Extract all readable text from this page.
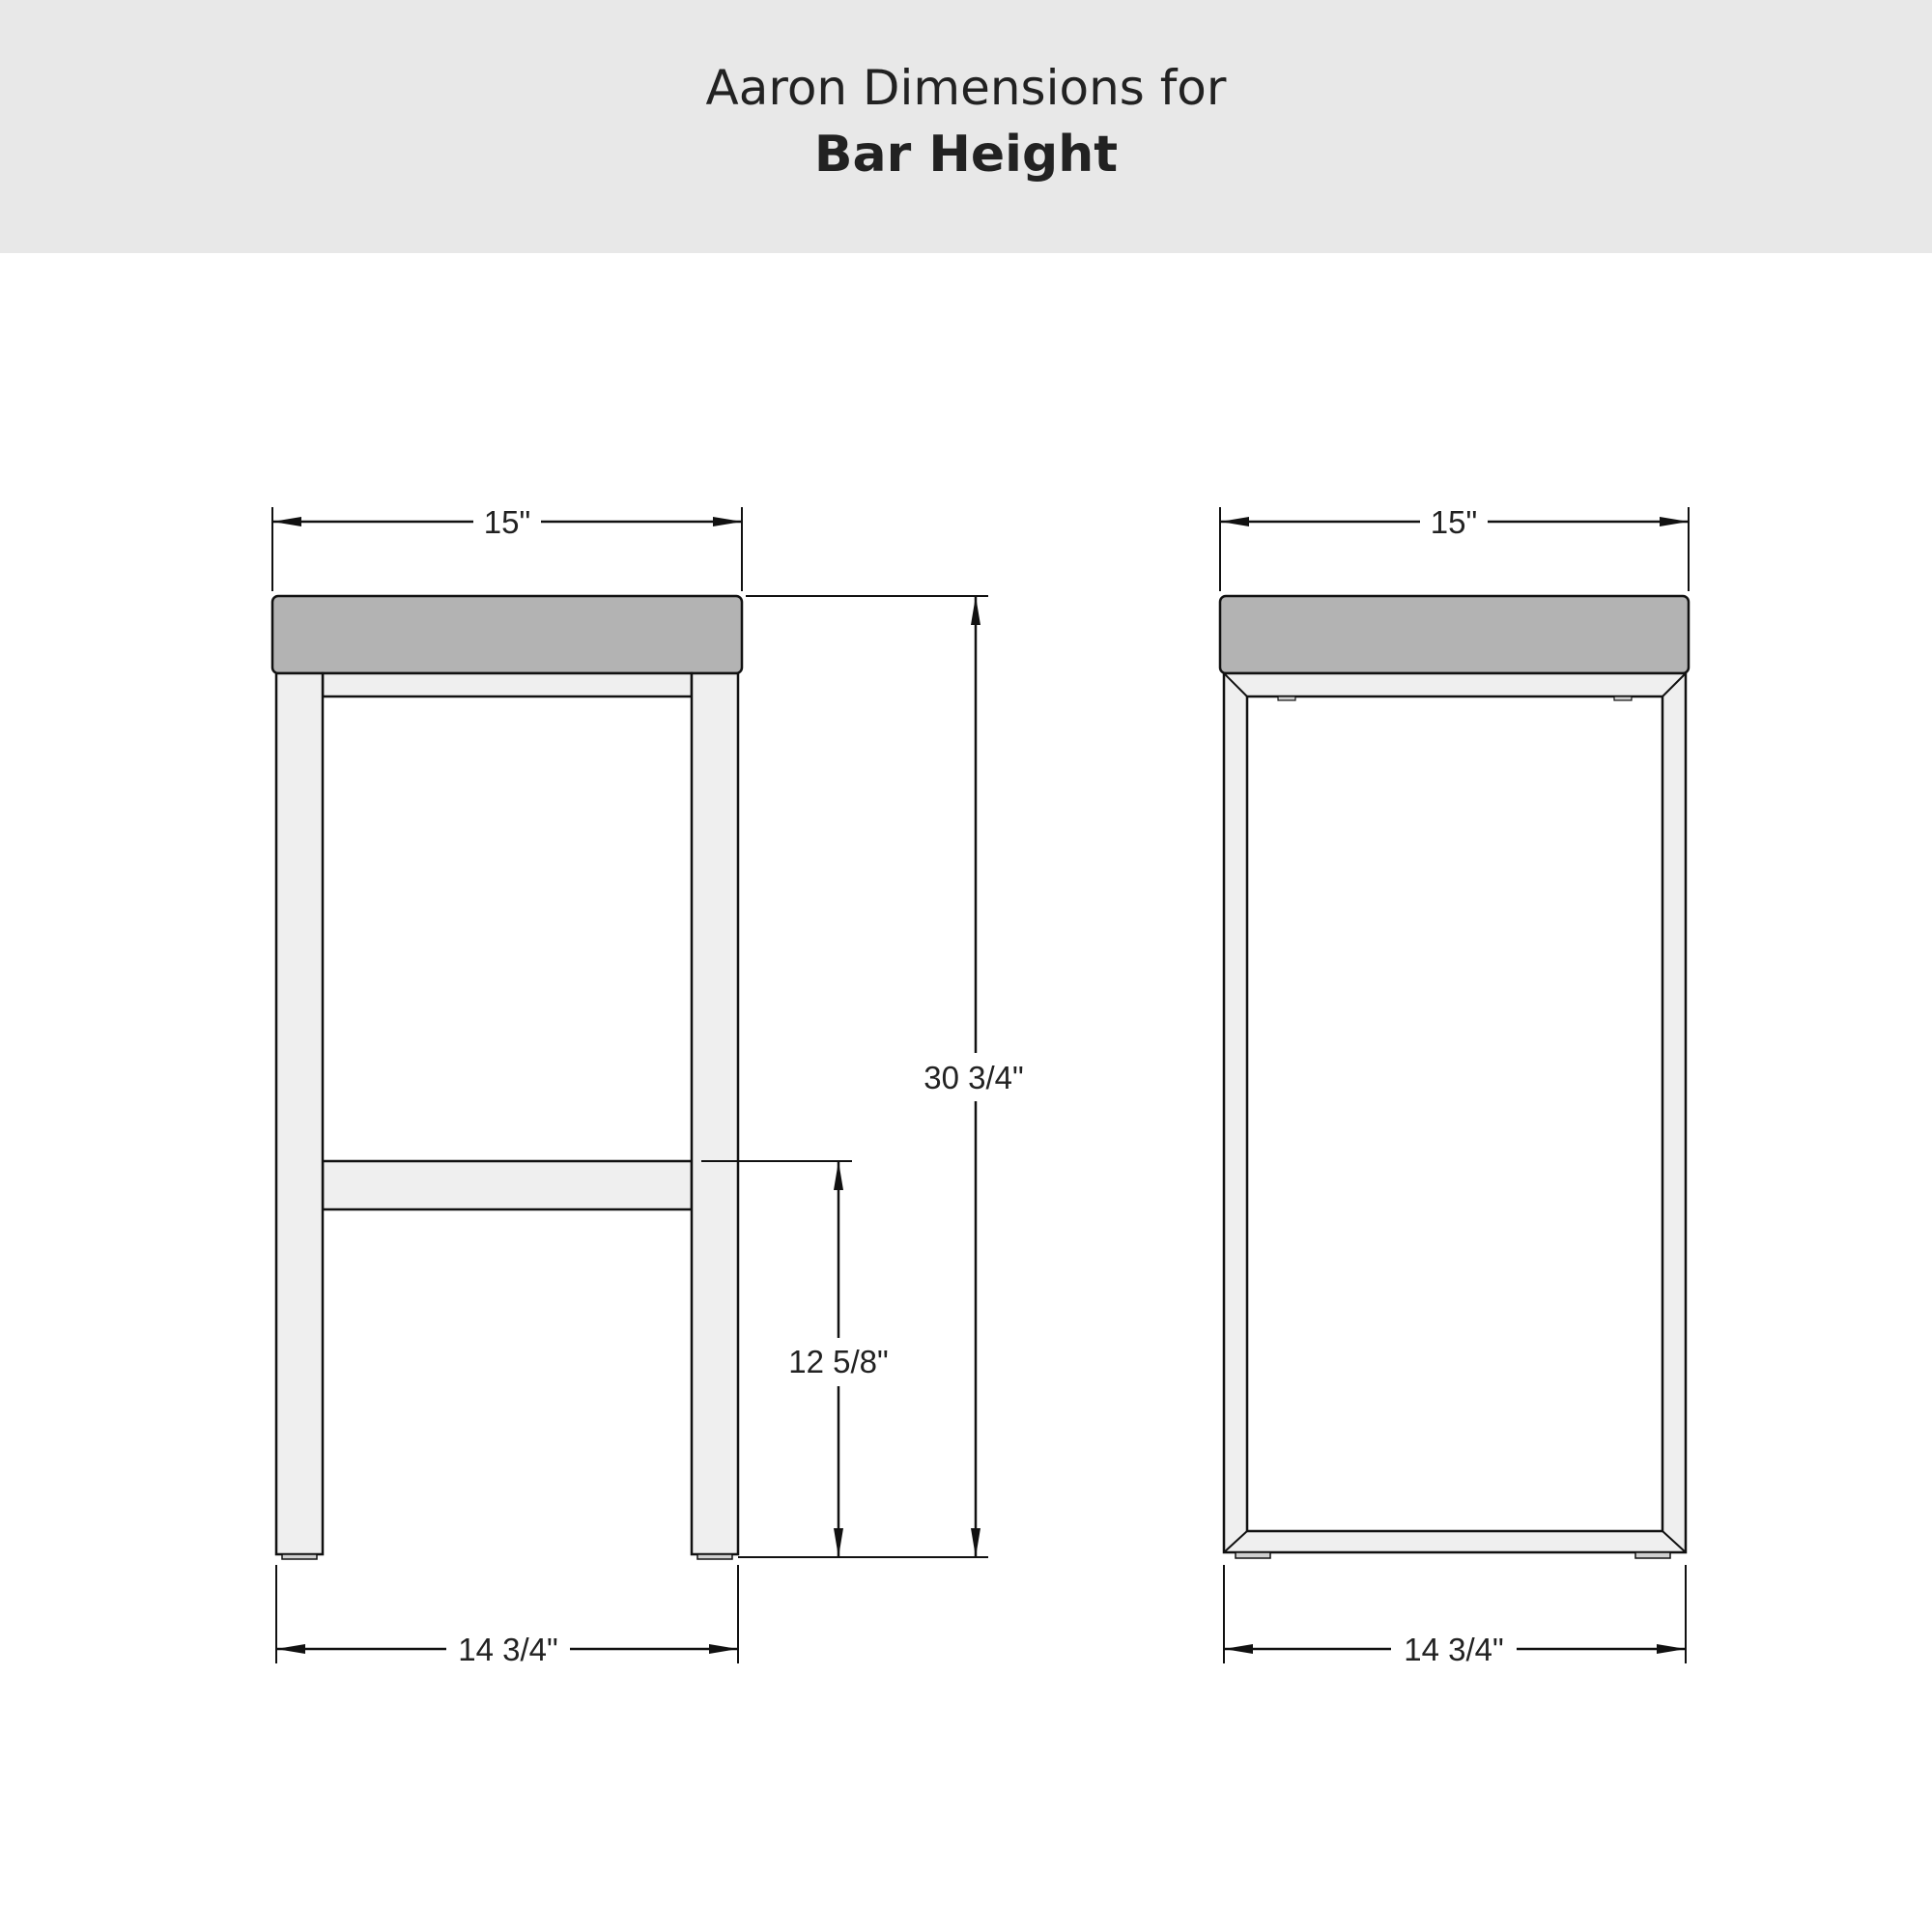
Aaron Dimensions for
Bar Height
15"
30 3/4"
12 5/8"
14 3/4"
15"
14 3/4"
